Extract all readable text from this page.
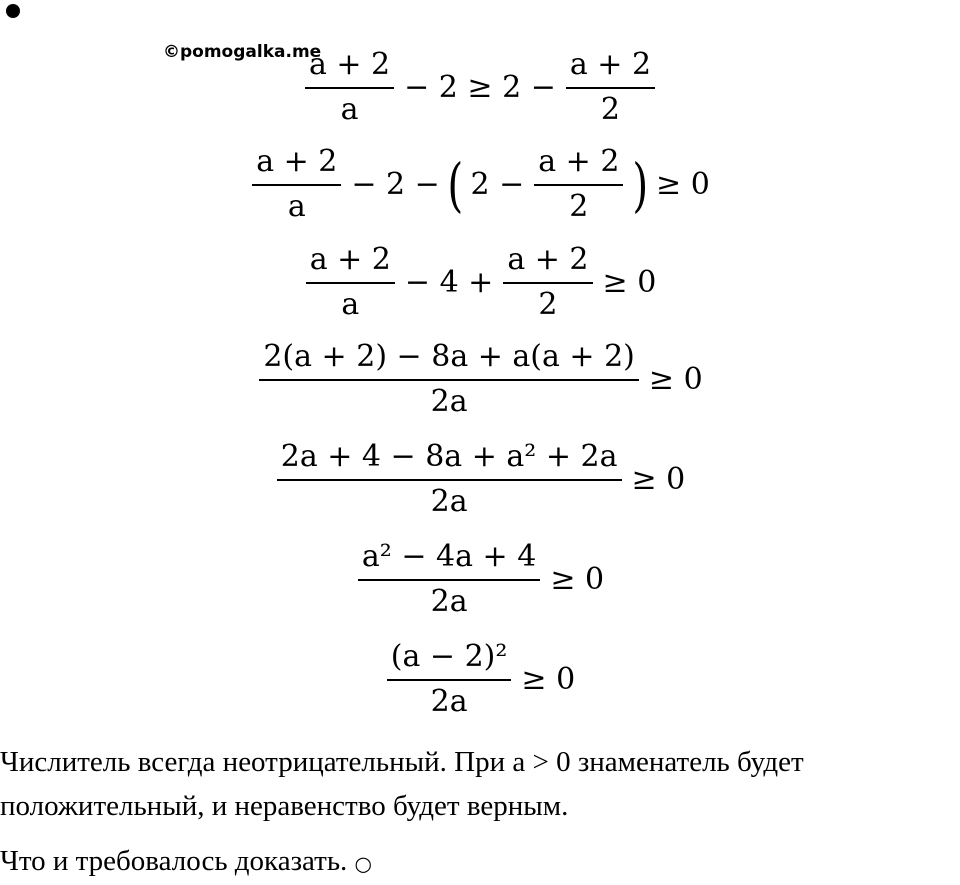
©pomogalka.me
$\frac{a + 2}{a} - 2 \ge 2 - \frac{a + 2}{2}$
$\frac{a + 2}{a} - 2$ − ( $2 - \frac{a + 2}{2}$ ) ≥ 0
$\frac{a + 2}{a} - 4 + \frac{a + 2}{2} \ge 0$
$\frac{2(a + 2) - 8a + a(a + 2)}{2a} \ge 0$
$\frac{\text{2a + 4 − 8a + a² + 2a}}{2a} \ge 0$
$\frac{\text{a² − 4a + 4}}{2a} \ge 0$
$\frac{\text{(a − 2)²}}{2a} \ge 0$
Числитель всегда неотрицательный. При a > 0 знаменатель будет
положительный, и неравенство будет верным.
Что и требовалось доказать. ○
